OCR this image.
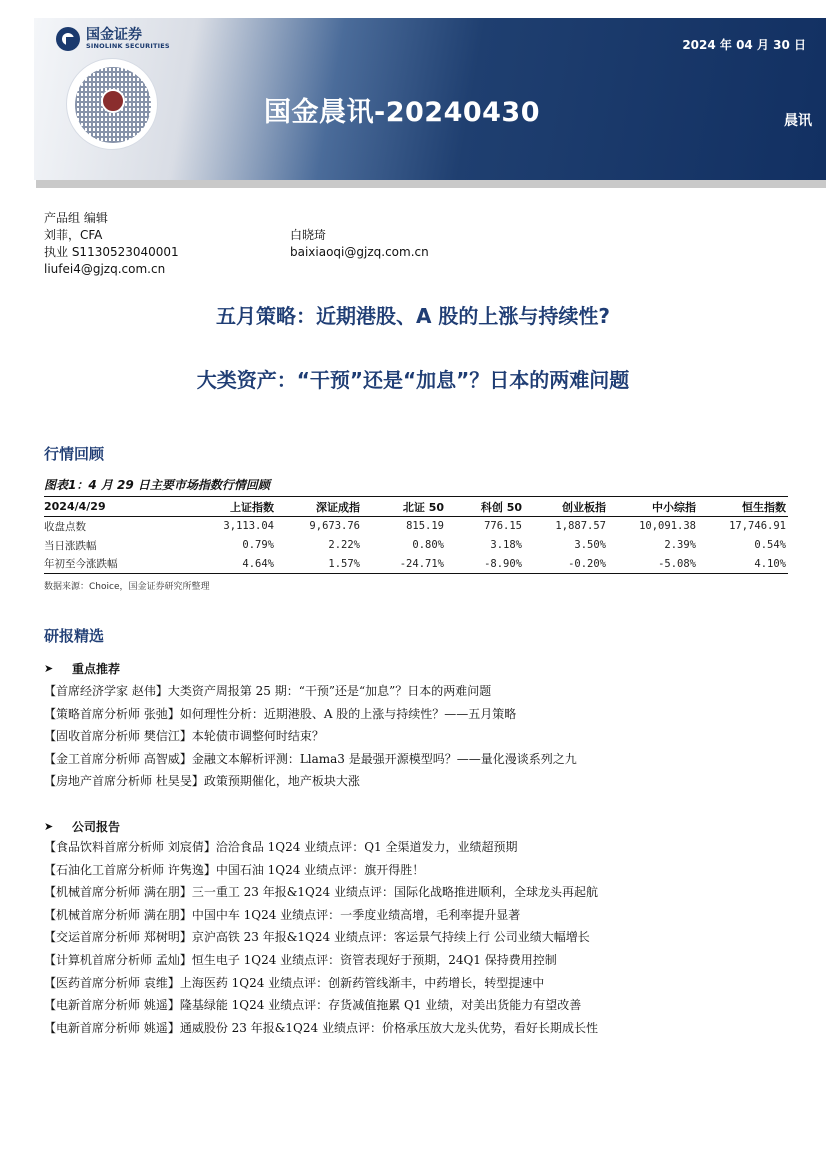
国金证券
SINOLINK SECURITIES	2024 年 04 月 30 日
国金晨讯-20240430	晨讯
产品组 编辑
刘菲，CFA
执业 S1130523040001
liufei4@gjzq.com.cn
白晓琦
baixiaoqi@gjzq.com.cn
五月策略：近期港股、A 股的上涨与持续性?
大类资产：“干预”还是“加息”？日本的两难问题
行情回顾
图表1：4 月 29 日主要市场指数行情回顾
2024/4/29	上证指数	深证成指	北证 50	科创 50	创业板指	中小综指	恒生指数
收盘点数	3,113.04	9,673.76	815.19	776.15	1,887.57	10,091.38	17,746.91
当日涨跌幅	0.79%	2.22%	0.80%	3.18%	3.50%	2.39%	0.54%
年初至今涨跌幅	4.64%	1.57%	-24.71%	-8.90%	-0.20%	-5.08%	4.10%
数据来源：Choice，国金证券研究所整理
研报精选
➤ 重点推荐
【首席经济学家 赵伟】大类资产周报第 25 期：“干预”还是“加息”？日本的两难问题
【策略首席分析师 张弛】如何理性分析：近期港股、A 股的上涨与持续性？——五月策略
【固收首席分析师 樊信江】本轮债市调整何时结束？
【金工首席分析师 高智威】金融文本解析评测：Llama3 是最强开源模型吗？——量化漫谈系列之九
【房地产首席分析师 杜昊旻】政策预期催化，地产板块大涨
➤ 公司报告
【食品饮料首席分析师 刘宸倩】洽洽食品 1Q24 业绩点评：Q1 全渠道发力，业绩超预期
【石油化工首席分析师 许隽逸】中国石油 1Q24 业绩点评：旗开得胜！
【机械首席分析师 满在朋】三一重工 23 年报&1Q24 业绩点评：国际化战略推进顺利，全球龙头再起航
【机械首席分析师 满在朋】中国中车 1Q24 业绩点评：一季度业绩高增，毛利率提升显著
【交运首席分析师 郑树明】京沪高铁 23 年报&1Q24 业绩点评：客运景气持续上行 公司业绩大幅增长
【计算机首席分析师 孟灿】恒生电子 1Q24 业绩点评：资管表现好于预期，24Q1 保持费用控制
【医药首席分析师 袁维】上海医药 1Q24 业绩点评：创新药管线渐丰，中药增长，转型提速中
【电新首席分析师 姚遥】隆基绿能 1Q24 业绩点评：存货减值拖累 Q1 业绩，对美出货能力有望改善
【电新首席分析师 姚遥】通威股份 23 年报&1Q24 业绩点评：价格承压放大龙头优势，看好长期成长性
